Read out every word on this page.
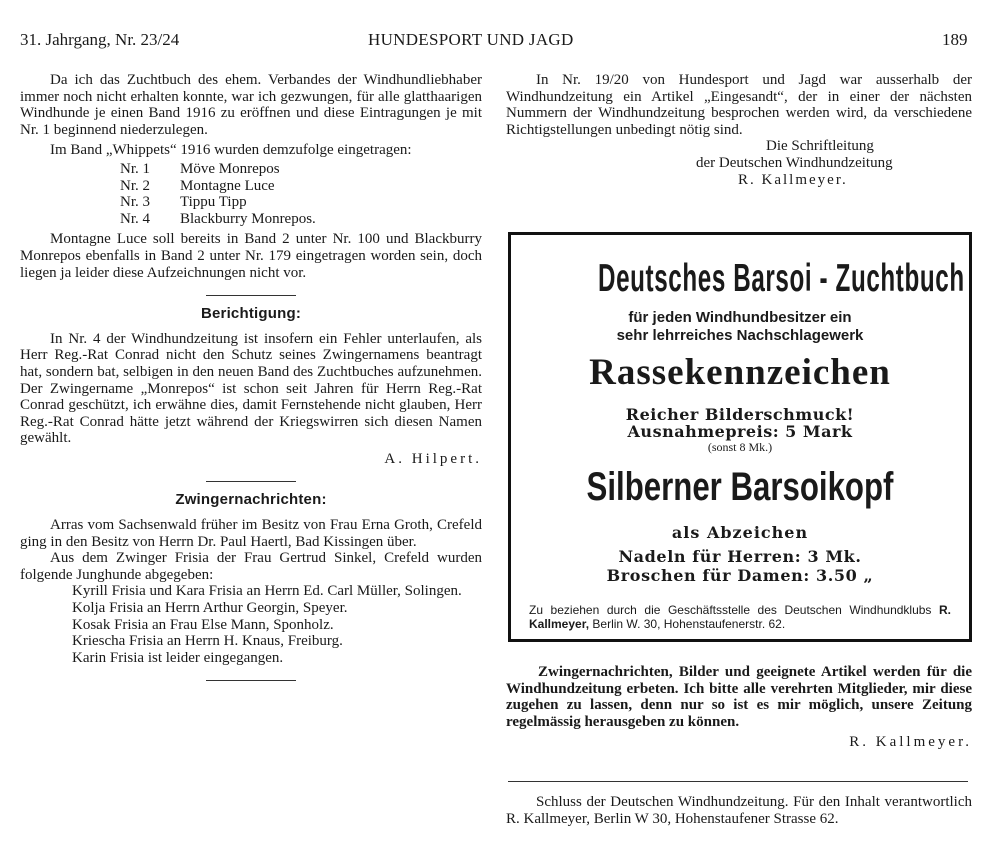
31. Jahrgang, Nr. 23/24	HUNDESPORT UND JAGD	189

Da ich das Zuchtbuch des ehem. Verbandes der Windhundliebhaber immer noch nicht erhalten konnte, war ich gezwungen, für alle glatthaarigen Windhunde je einen Band 1916 zu eröffnen und diese Eintragungen je mit Nr. 1 beginnend niederzulegen.

Im Band „Whippets“ 1916 wurden demzufolge eingetragen:

Nr. 1	Möve Monrepos
Nr. 2	Montagne Luce
Nr. 3	Tippu Tipp
Nr. 4	Blackburry Monrepos.

Montagne Luce soll bereits in Band 2 unter Nr. 100 und Blackburry Monrepos ebenfalls in Band 2 unter Nr. 179 eingetragen worden sein, doch liegen ja leider diese Aufzeichnungen nicht vor.

Berichtigung:

In Nr. 4 der Windhundzeitung ist insofern ein Fehler unterlaufen, als Herr Reg.-Rat Conrad nicht den Schutz seines Zwingernamens beantragt hat, sondern bat, selbigen in den neuen Band des Zuchtbuches aufzunehmen. Der Zwingername „Monrepos“ ist schon seit Jahren für Herrn Reg.-Rat Conrad geschützt, ich erwähne dies, damit Fernstehende nicht glauben, Herr Reg.-Rat Conrad hätte jetzt während der Kriegswirren sich diesen Namen gewählt.

A. Hilpert.

Zwingernachrichten:

Arras vom Sachsenwald früher im Besitz von Frau Erna Groth, Crefeld ging in den Besitz von Herrn Dr. Paul Haertl, Bad Kissingen über.

Aus dem Zwinger Frisia der Frau Gertrud Sinkel, Crefeld wurden folgende Junghunde abgegeben:

Kyrill Frisia und Kara Frisia an Herrn Ed. Carl Müller, Solingen.

Kolja Frisia an Herrn Arthur Georgin, Speyer.

Kosak Frisia an Frau Else Mann, Sponholz.

Kriescha Frisia an Herrn H. Knaus, Freiburg.

Karin Frisia ist leider eingegangen.

In Nr. 19/20 von Hundesport und Jagd war ausserhalb der Windhundzeitung ein Artikel „Eingesandt“, der in einer der nächsten Nummern der Windhundzeitung besprochen werden wird, da verschiedene Richtigstellungen unbedingt nötig sind.

Die Schriftleitung

der Deutschen Windhundzeitung

R. Kallmeyer.

Deutsches Barsoi - Zuchtbuch
für jeden Windhundbesitzer ein
sehr lehrreiches Nachschlagewerk
Rassekennzeichen
Reicher Bilderschmuck!
Ausnahmepreis: 5 Mark
(sonst 8 Mk.)
Silberner Barsoikopf
als Abzeichen
Nadeln für Herren: 3 Mk.
Broschen für Damen: 3.50 „
Zu beziehen durch die Geschäftsstelle des Deutschen Windhundklubs R. Kallmeyer, Berlin W. 30, Hohenstaufenerstr. 62.

Zwingernachrichten, Bilder und geeignete Artikel werden für die Windhundzeitung erbeten. Ich bitte alle verehrten Mitglieder, mir diese zugehen zu lassen, denn nur so ist es mir möglich, unsere Zeitung regelmässig herausgeben zu können.

R. Kallmeyer.

Schluss der Deutschen Windhundzeitung. Für den Inhalt verantwortlich R. Kallmeyer, Berlin W 30, Hohenstaufener Strasse 62.
